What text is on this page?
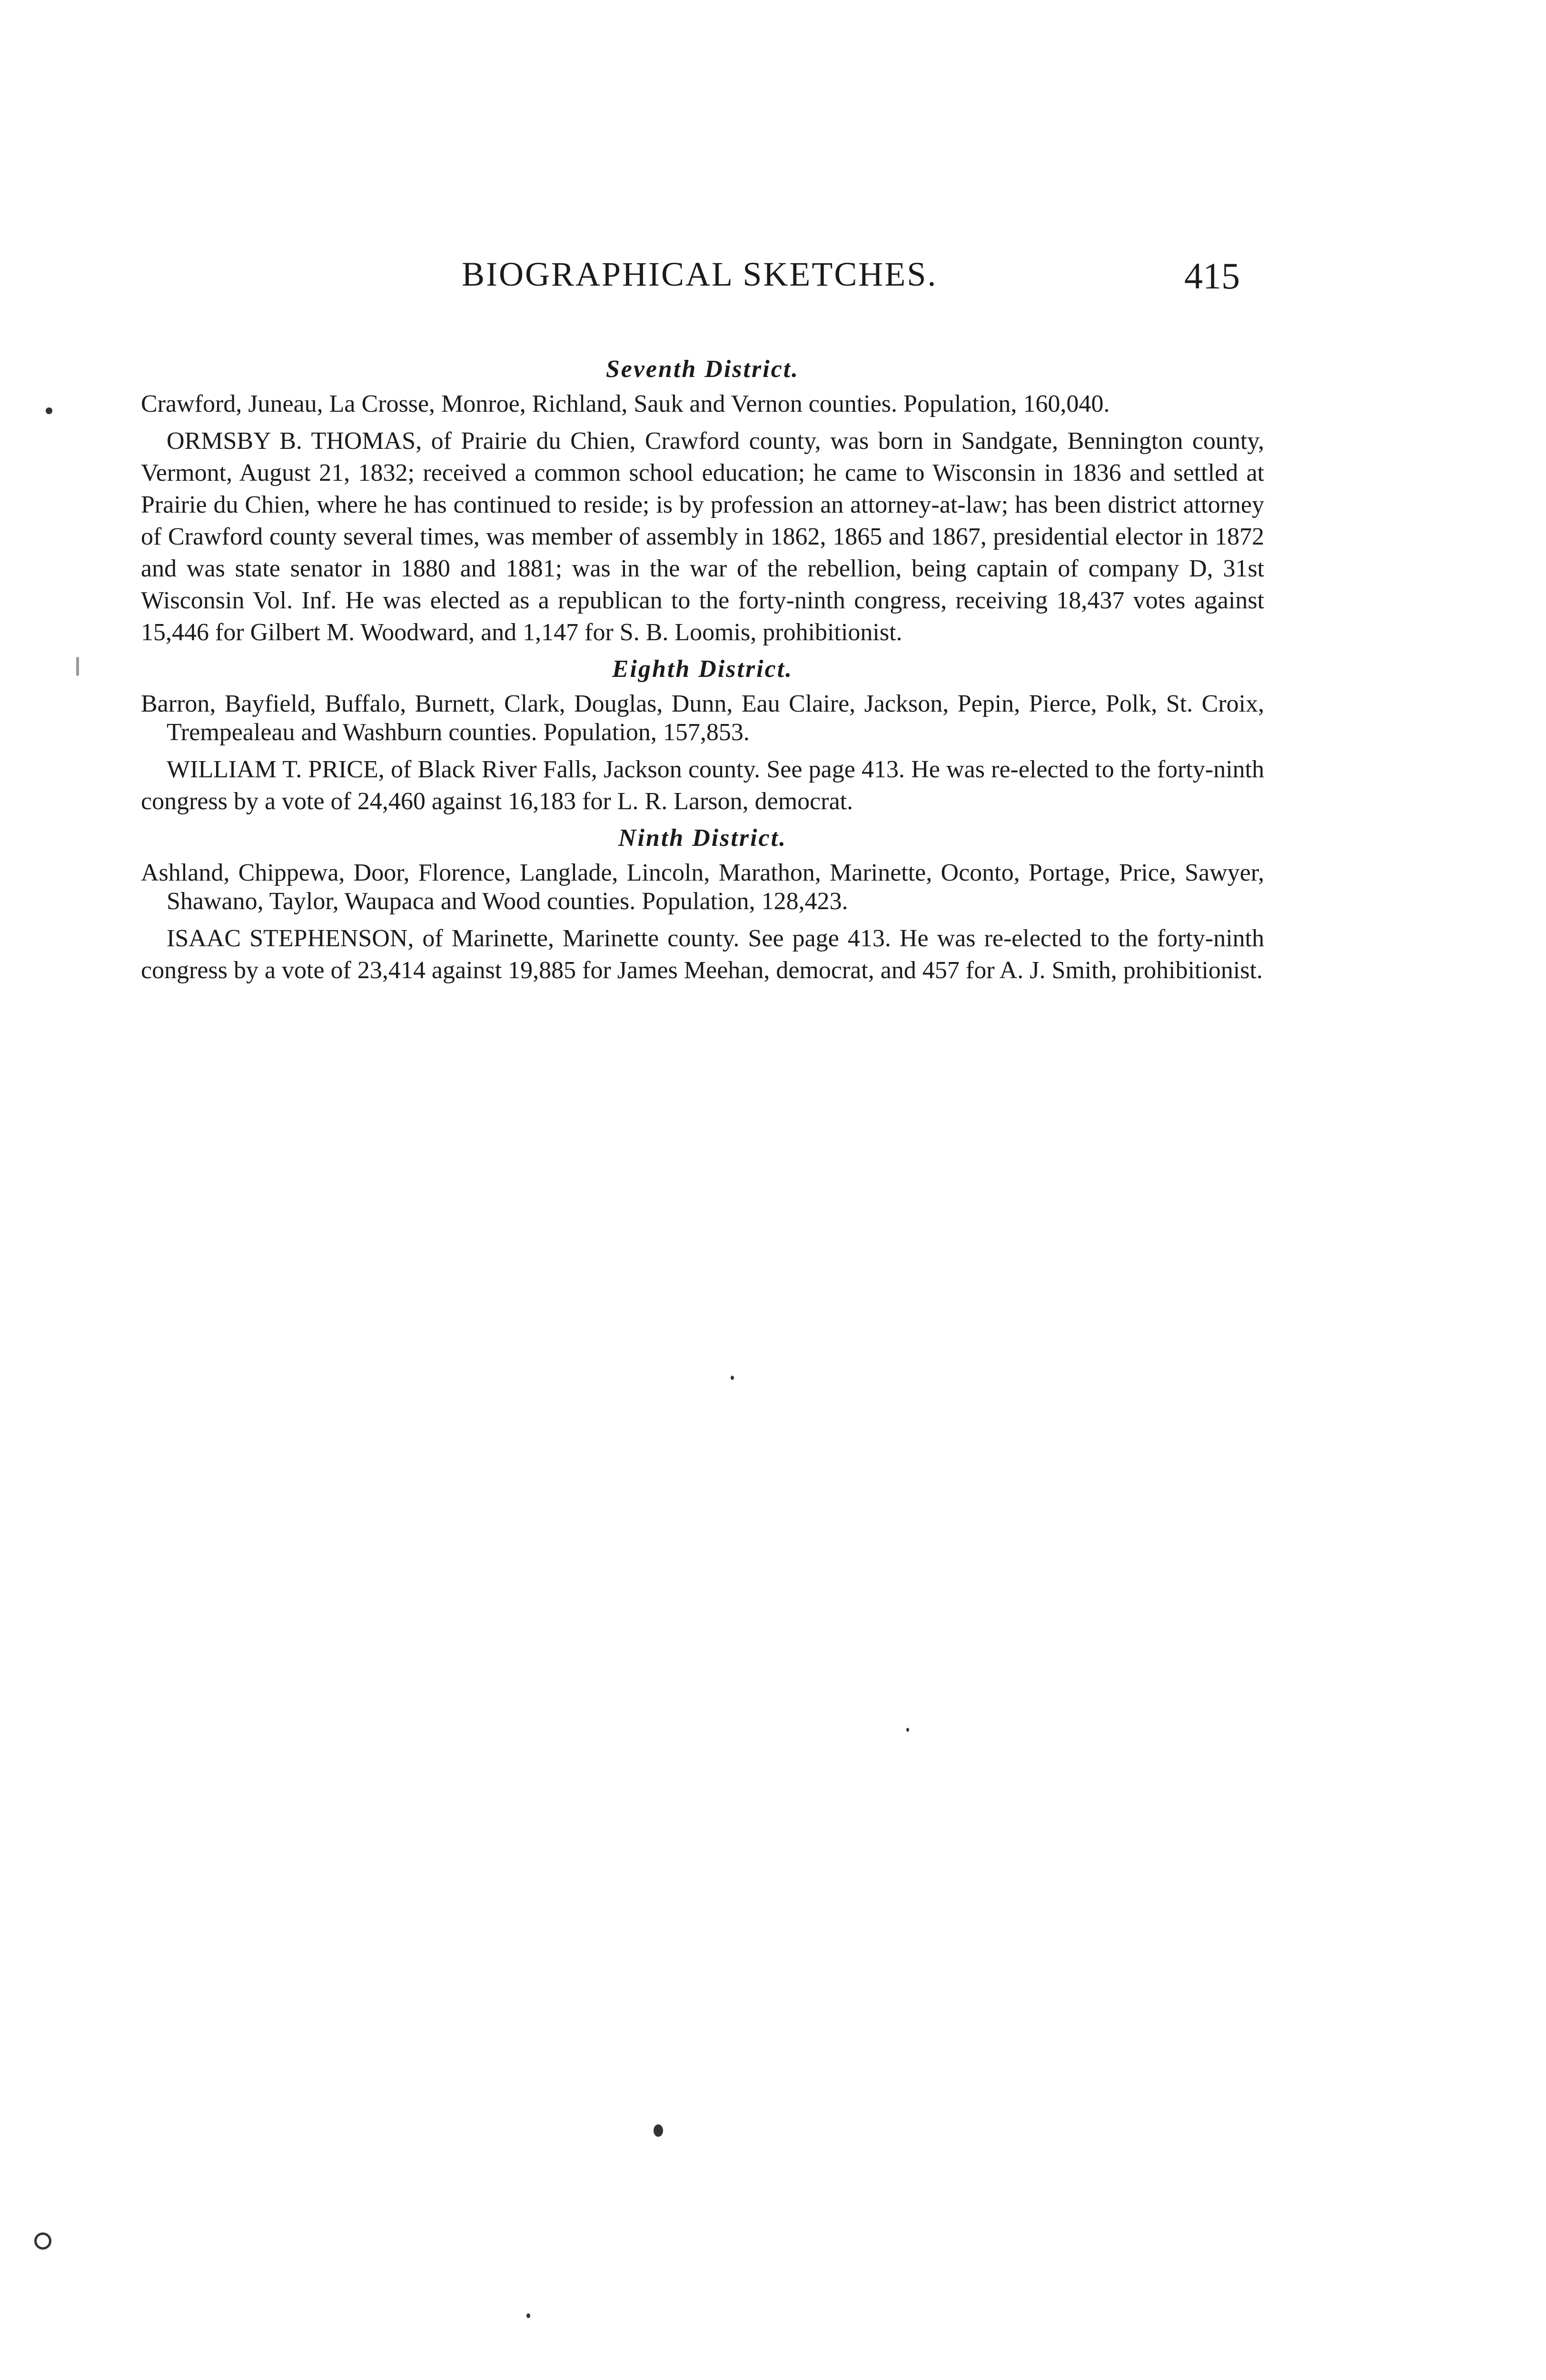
BIOGRAPHICAL SKETCHES.	415
Seventh District.

Crawford, Juneau, La Crosse, Monroe, Richland, Sauk and Vernon counties. Population, 160,040.

ORMSBY B. THOMAS, of Prairie du Chien, Crawford county, was born in Sandgate, Bennington county, Vermont, August 21, 1832; received a common school education; he came to Wisconsin in 1836 and settled at Prairie du Chien, where he has continued to reside; is by profession an attorney-at-law; has been district attorney of Crawford county several times, was member of assembly in 1862, 1865 and 1867, presidential elector in 1872 and was state senator in 1880 and 1881; was in the war of the rebellion, being captain of company D, 31st Wisconsin Vol. Inf. He was elected as a republican to the forty-ninth congress, receiving 18,437 votes against 15,446 for Gilbert M. Woodward, and 1,147 for S. B. Loomis, prohibitionist.

Eighth District.

Barron, Bayfield, Buffalo, Burnett, Clark, Douglas, Dunn, Eau Claire, Jackson, Pepin, Pierce, Polk, St. Croix, Trempealeau and Washburn counties. Population, 157,853.

WILLIAM T. PRICE, of Black River Falls, Jackson county. See page 413. He was re-elected to the forty-ninth congress by a vote of 24,460 against 16,183 for L. R. Larson, democrat.

Ninth District.

Ashland, Chippewa, Door, Florence, Langlade, Lincoln, Marathon, Marinette, Oconto, Portage, Price, Sawyer, Shawano, Taylor, Waupaca and Wood counties. Population, 128,423.

ISAAC STEPHENSON, of Marinette, Marinette county. See page 413. He was re-elected to the forty-ninth congress by a vote of 23,414 against 19,885 for James Meehan, democrat, and 457 for A. J. Smith, prohibitionist.
